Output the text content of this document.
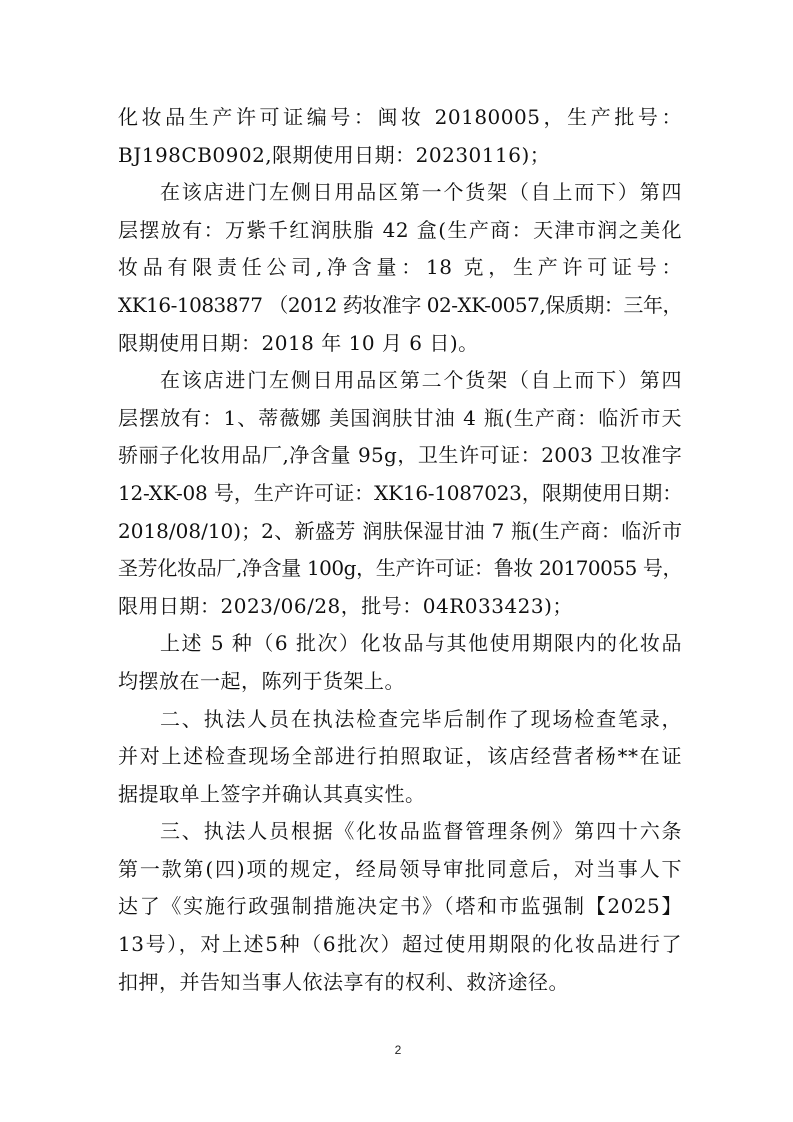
化妆品生产许可证编号：闽妆 20180005，生产批号：
BJ198CB0902,限期使用日期：20230116)；
在该店进门左侧日用品区第一个货架（自上而下）第四
层摆放有：万紫千红润肤脂 42 盒(生产商：天津市润之美化
妆品有限责任公司,净含量：18 克，生产许可证号：
XK16-1083877 （2012 药妆准字 02-XK-0057,保质期：三年，
限期使用日期：2018 年 10 月 6 日)。
在该店进门左侧日用品区第二个货架（自上而下）第四
层摆放有：1、蒂薇娜 美国润肤甘油 4 瓶(生产商：临沂市天
骄丽子化妆用品厂,净含量 95g，卫生许可证：2003 卫妆准字
12-XK-08 号，生产许可证：XK16-1087023，限期使用日期：
2018/08/10)；2、新盛芳 润肤保湿甘油 7 瓶(生产商：临沂市
圣芳化妆品厂,净含量 100g，生产许可证：鲁妆 20170055 号，
限用日期：2023/06/28，批号：04R033423)；
上述 5 种（6 批次）化妆品与其他使用期限内的化妆品
均摆放在一起，陈列于货架上。
二、执法人员在执法检查完毕后制作了现场检查笔录，
并对上述检查现场全部进行拍照取证，该店经营者杨**在证
据提取单上签字并确认其真实性。
三、执法人员根据《化妆品监督管理条例》第四十六条
第一款第(四)项的规定，经局领导审批同意后，对当事人下
达了《实施行政强制措施决定书》（塔和市监强制【2025】
13号），对上述5种（6批次）超过使用期限的化妆品进行了
扣押，并告知当事人依法享有的权利、救济途径。
2
